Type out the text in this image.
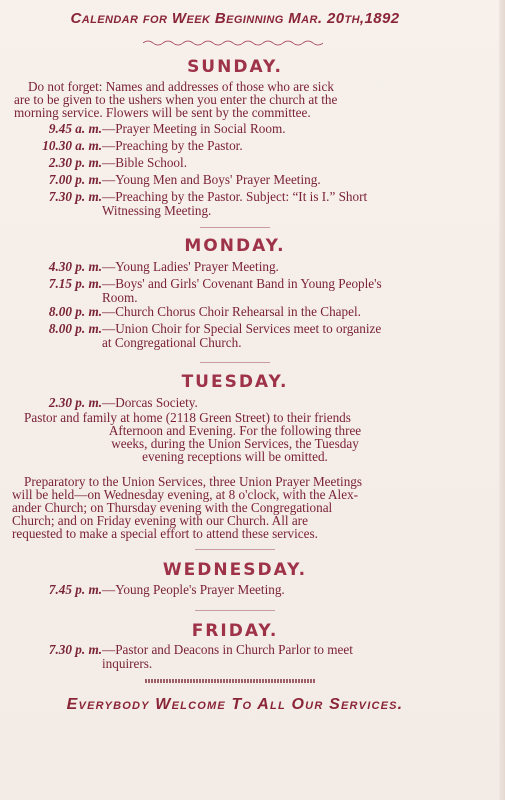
Calendar for Week Beginning Mar. 20th,1892
SUNDAY.
Do not forget: Names and addresses of those who are sick
are to be given to the ushers when you enter the church at the
morning service. Flowers will be sent by the committee.
9.45 a. m.—Prayer Meeting in Social Room.
10.30 a. m.—Preaching by the Pastor.
2.30 p. m.—Bible School.
7.00 p. m.—Young Men and Boys' Prayer Meeting.
7.30 p. m.—Preaching by the Pastor. Subject: “It is I.” Short
Witnessing Meeting.
MONDAY.
4.30 p. m.—Young Ladies' Prayer Meeting.
7.15 p. m.—Boys' and Girls' Covenant Band in Young People's
Room.
8.00 p. m.—Church Chorus Choir Rehearsal in the Chapel.
8.00 p. m.—Union Choir for Special Services meet to organize
at Congregational Church.
TUESDAY.
2.30 p. m.—Dorcas Society.
Pastor and family at home (2118 Green Street) to their friends
Afternoon and Evening. For the following three
weeks, during the Union Services, the Tuesday
evening receptions will be omitted.
Preparatory to the Union Services, three Union Prayer Meetings
will be held—on Wednesday evening, at 8 o'clock, with the Alex-
ander Church; on Thursday evening with the Congregational
Church; and on Friday evening with our Church. All are
requested to make a special effort to attend these services.
WEDNESDAY.
7.45 p. m.—Young People's Prayer Meeting.
FRIDAY.
7.30 p. m.—Pastor and Deacons in Church Parlor to meet
inquirers.
Everybody Welcome To All Our Services.
